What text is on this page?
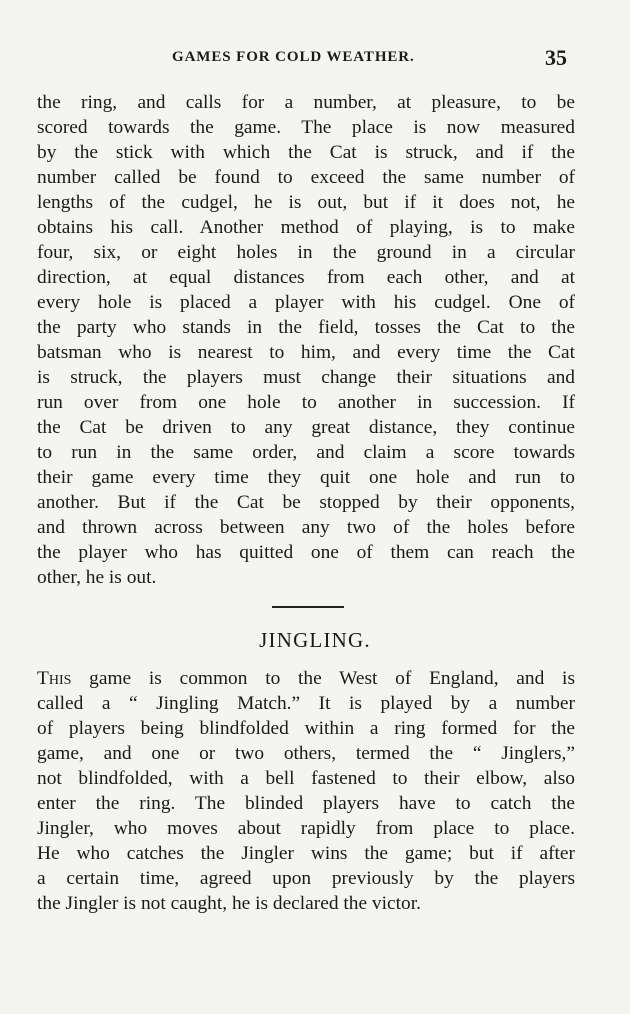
GAMES FOR COLD WEATHER.	35
the ring, and calls for a number, at pleasure, to be
scored towards the game. The place is now measured
by the stick with which the Cat is struck, and if the
number called be found to exceed the same number of
lengths of the cudgel, he is out, but if it does not, he
obtains his call. Another method of playing, is to make
four, six, or eight holes in the ground in a circular
direction, at equal distances from each other, and at
every hole is placed a player with his cudgel. One of
the party who stands in the field, tosses the Cat to the
batsman who is nearest to him, and every time the Cat
is struck, the players must change their situations and
run over from one hole to another in succession. If
the Cat be driven to any great distance, they continue
to run in the same order, and claim a score towards
their game every time they quit one hole and run to
another. But if the Cat be stopped by their opponents,
and thrown across between any two of the holes before
the player who has quitted one of them can reach the
other, he is out.
JINGLING.
This game is common to the West of England, and is
called a “ Jingling Match.” It is played by a number
of players being blindfolded within a ring formed for the
game, and one or two others, termed the “ Jinglers,”
not blindfolded, with a bell fastened to their elbow, also
enter the ring. The blinded players have to catch the
Jingler, who moves about rapidly from place to place.
He who catches the Jingler wins the game; but if after
a certain time, agreed upon previously by the players
the Jingler is not caught, he is declared the victor.
